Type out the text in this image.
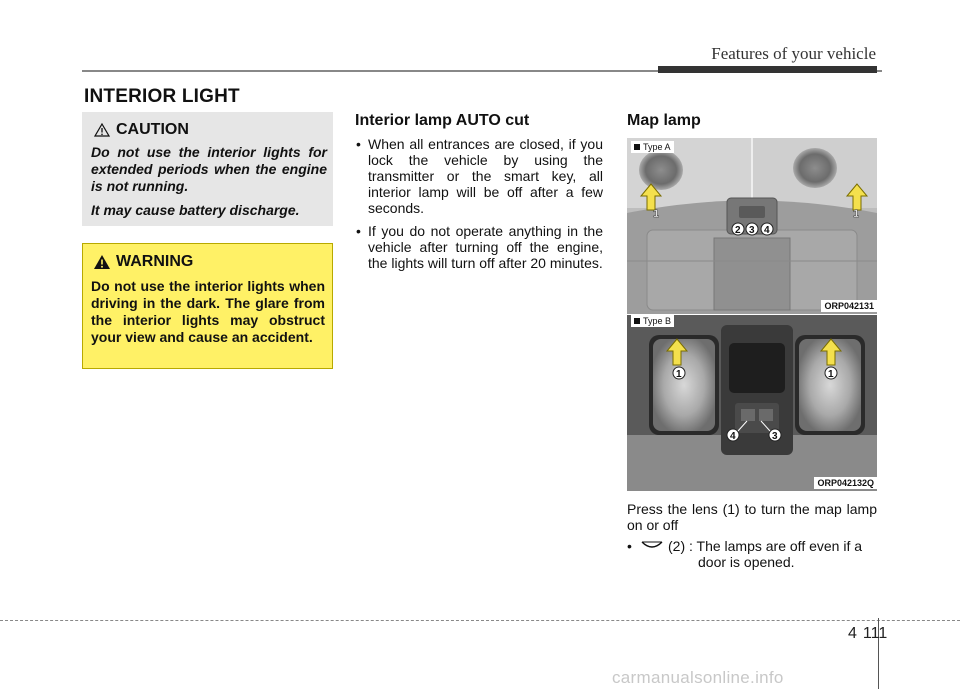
Features of your vehicle
INTERIOR LIGHT
CAUTION

Do not use the interior lights for extended periods when the engine is not running.

It may cause battery discharge.

WARNING
Do not use the interior lights when driving in the dark. The glare from the interior lights may obstruct your view and cause an accident.
Interior lamp AUTO cut
• When all entrances are closed, if you lock the vehicle by using the transmitter or the smart key, all interior lamp will be off after a few seconds.
• If you do not operate anything in the vehicle after turning off the engine, the lights will turn off after 20 minutes.
Map lamp
Type A
1	1
2 3 4
ORP042131
Type B
1	1
4	3
ORP042132Q
Press the lens (1) to turn the map lamp on or off
•	(2) : The lamps are off even if a
door is opened.
4 111
carmanualsonline.info
